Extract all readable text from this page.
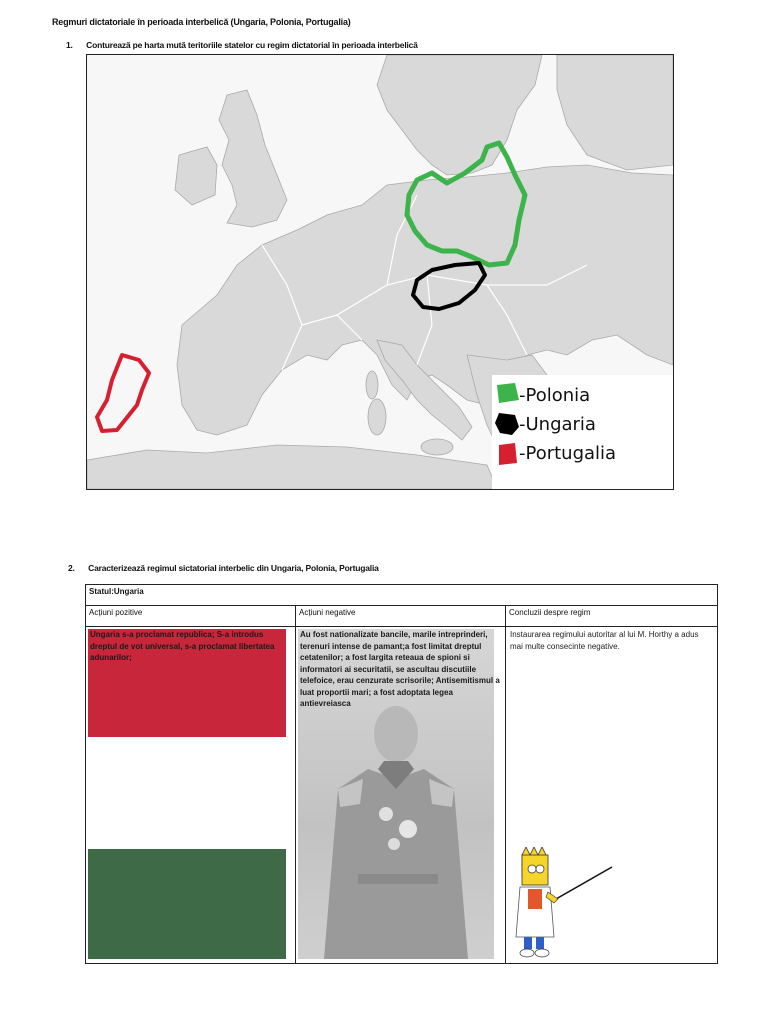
Regmuri dictatoriale în perioada interbelică (Ungaria, Polonia, Portugalia)
1. Conturează pe harta mută teritoriile statelor cu regim dictatorial în perioada interbelică
-Polonia
-Ungaria
-Portugalia
2. Caracterizează regimul sictatorial interbelic din Ungaria, Polonia, Portugalia
Statul:Ungaria		
Acțiuni pozitive	Acțiuni negative	Concluzii despre regim

Ungaria s-a proclamat republica; S-a introdus dreptul de vot universal, s-a proclamat libertatea adunarilor;	Au fost nationalizate bancile, marile intreprinderi, terenuri intense de pamant;a fost limitat dreptul cetatenilor; a fost largita reteaua de spioni si informatori ai securitatii, se ascultau discutiile telefoice, erau cenzurate scrisorile; Antisemitismul a luat proportii mari; a fost adoptata legea antievreiasca	Instaurarea regimului autoritar al lui M. Horthy a adus mai multe consecinte negative.
